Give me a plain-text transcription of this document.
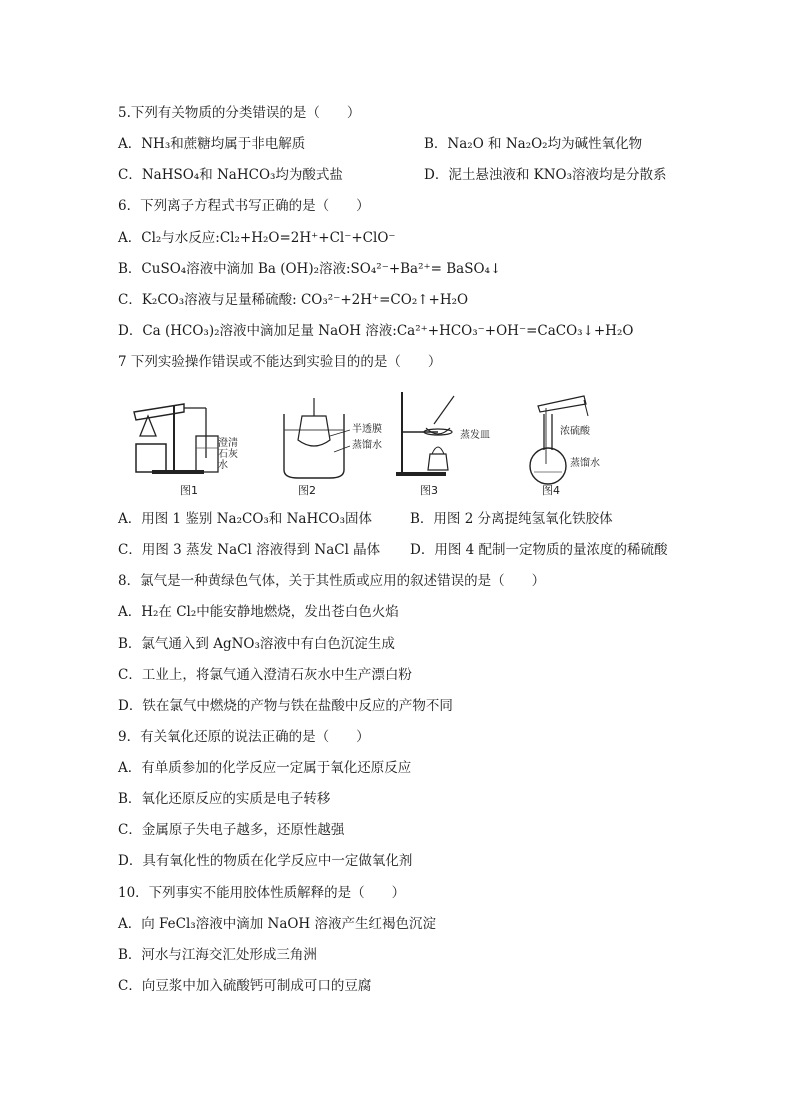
5.下列有关物质的分类错误的是（　　）
A．NH₃和蔗糖均属于非电解质	B．Na₂O 和 Na₂O₂均为碱性氧化物
C．NaHSO₄和 NaHCO₃均为酸式盐	D．泥土悬浊液和 KNO₃溶液均是分散系
6．下列离子方程式书写正确的是（　　）
A．Cl₂与水反应:Cl₂+H₂O=2H⁺+Cl⁻+ClO⁻
B．CuSO₄溶液中滴加 Ba (OH)₂溶液:SO₄²⁻+Ba²⁺= BaSO₄↓
C．K₂CO₃溶液与足量稀硫酸: CO₃²⁻+2H⁺=CO₂↑+H₂O
D．Ca (HCO₃)₂溶液中滴加足量 NaOH 溶液:Ca²⁺+HCO₃⁻+OH⁻=CaCO₃↓+H₂O
7 下列实验操作错误或不能达到实验目的的是（　　）
澄清
石灰水
图1
半透膜
蒸馏水
图2
蒸发皿
图3
浓硫酸
蒸馏水
图4
A．用图 1 鉴别 Na₂CO₃和 NaHCO₃固体	B．用图 2 分离提纯氢氧化铁胶体
C．用图 3 蒸发 NaCl 溶液得到 NaCl 晶体 D．用图 4 配制一定物质的量浓度的稀硫酸
8．氯气是一种黄绿色气体，关于其性质或应用的叙述错误的是（　　）
A．H₂在 Cl₂中能安静地燃烧，发出苍白色火焰
B．氯气通入到 AgNO₃溶液中有白色沉淀生成
C．工业上，将氯气通入澄清石灰水中生产漂白粉
D．铁在氯气中燃烧的产物与铁在盐酸中反应的产物不同
9．有关氧化还原的说法正确的是（　　）
A．有单质参加的化学反应一定属于氧化还原反应
B．氧化还原反应的实质是电子转移
C．金属原子失电子越多，还原性越强
D．具有氧化性的物质在化学反应中一定做氧化剂
10．下列事实不能用胶体性质解释的是（　　）
A．向 FeCl₃溶液中滴加 NaOH 溶液产生红褐色沉淀
B．河水与江海交汇处形成三角洲
C．向豆浆中加入硫酸钙可制成可口的豆腐
